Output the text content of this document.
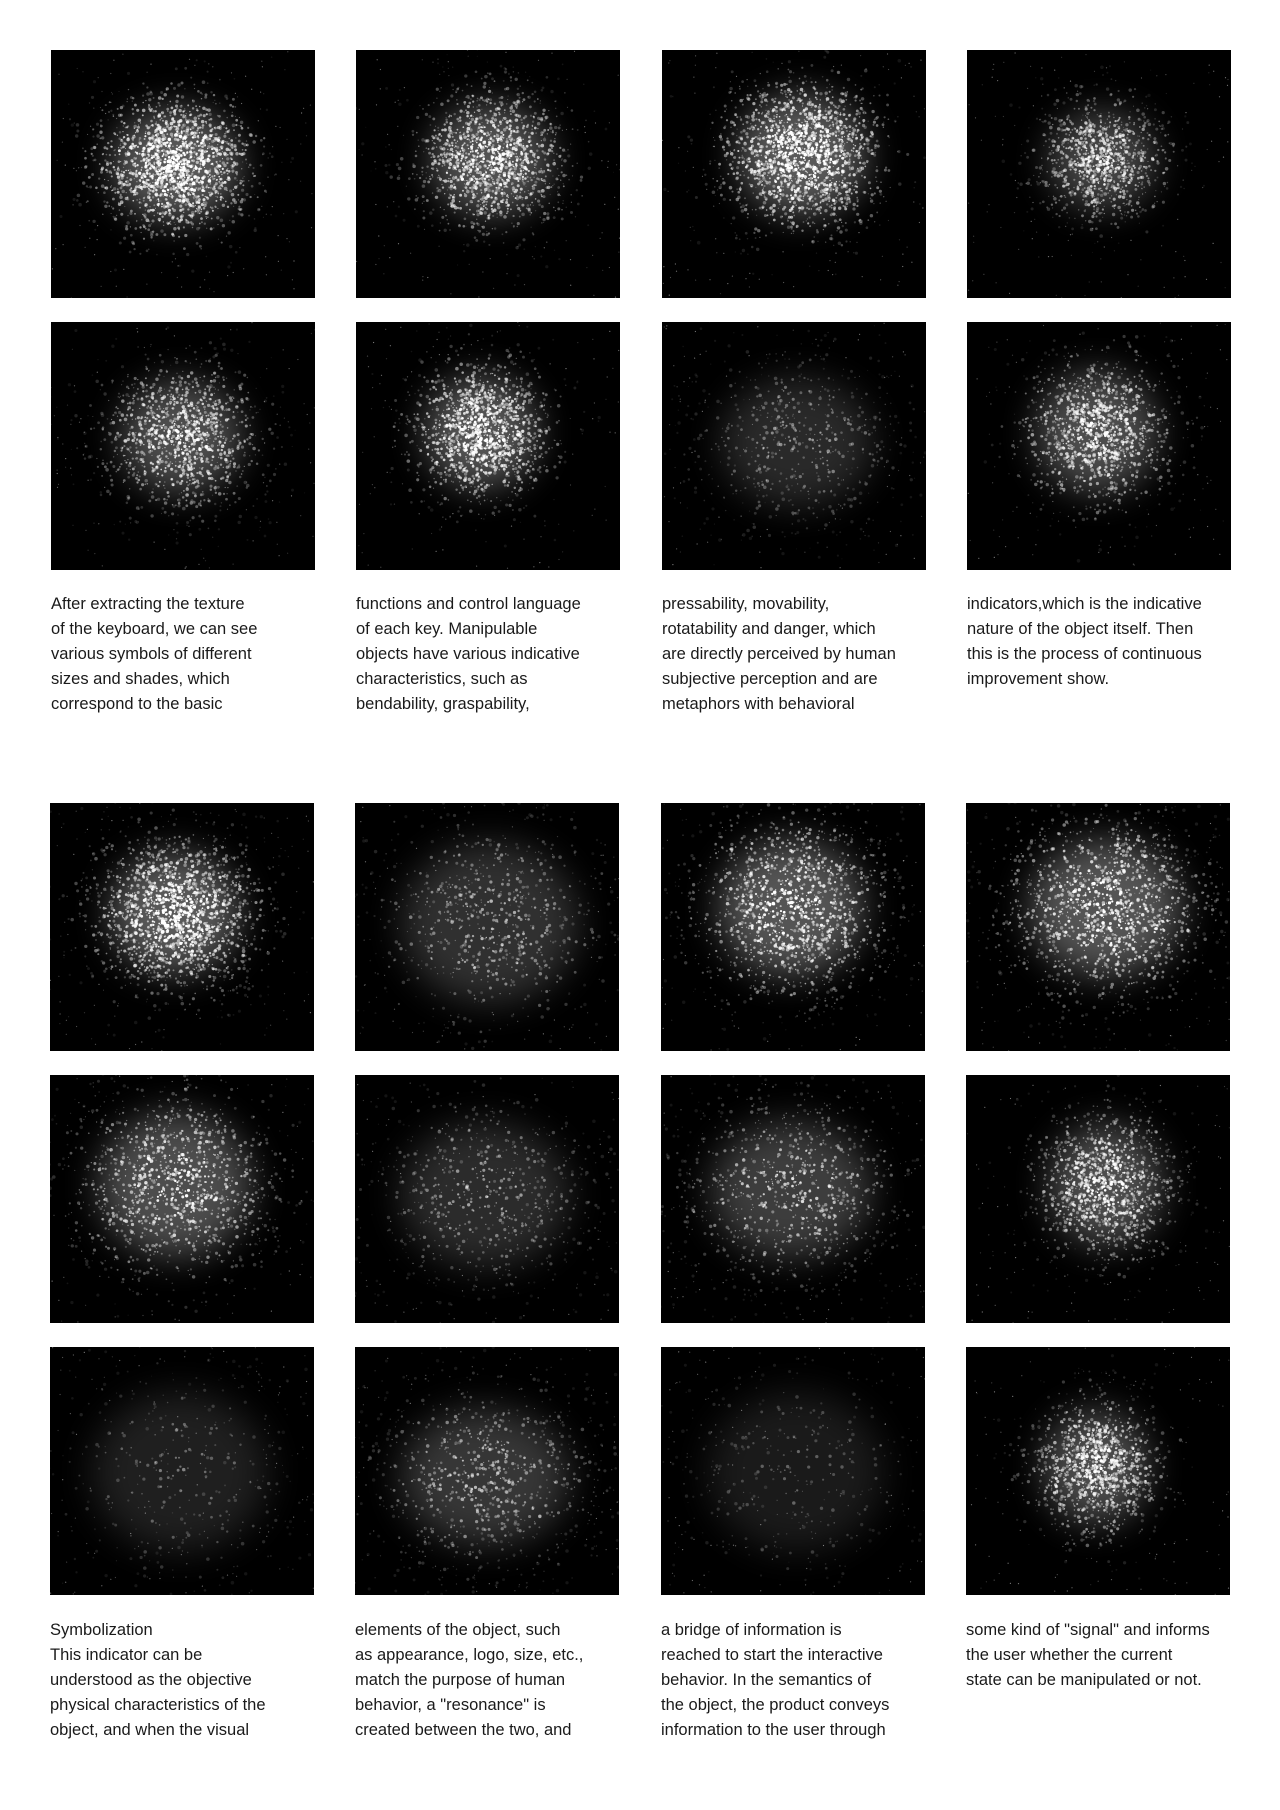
After extracting the texture
of the keyboard, we can see
various symbols of different
sizes and shades, which
correspond to the basic

functions and control language
of each key. Manipulable
objects have various indicative
characteristics, such as
bendability, graspability,

pressability, movability,
rotatability and danger, which
are directly perceived by human
subjective perception and are
metaphors with behavioral

indicators,which is the indicative
nature of the object itself. Then
this is the process of continuous
improvement show.

Symbolization
This indicator can be
understood as the objective
physical characteristics of the
object, and when the visual

elements of the object, such
as appearance, logo, size, etc.,
match the purpose of human
behavior, a "resonance" is
created between the two, and

a bridge of information is
reached to start the interactive
behavior. In the semantics of
the object, the product conveys
information to the user through

some kind of "signal" and informs
the user whether the current
state can be manipulated or not.
